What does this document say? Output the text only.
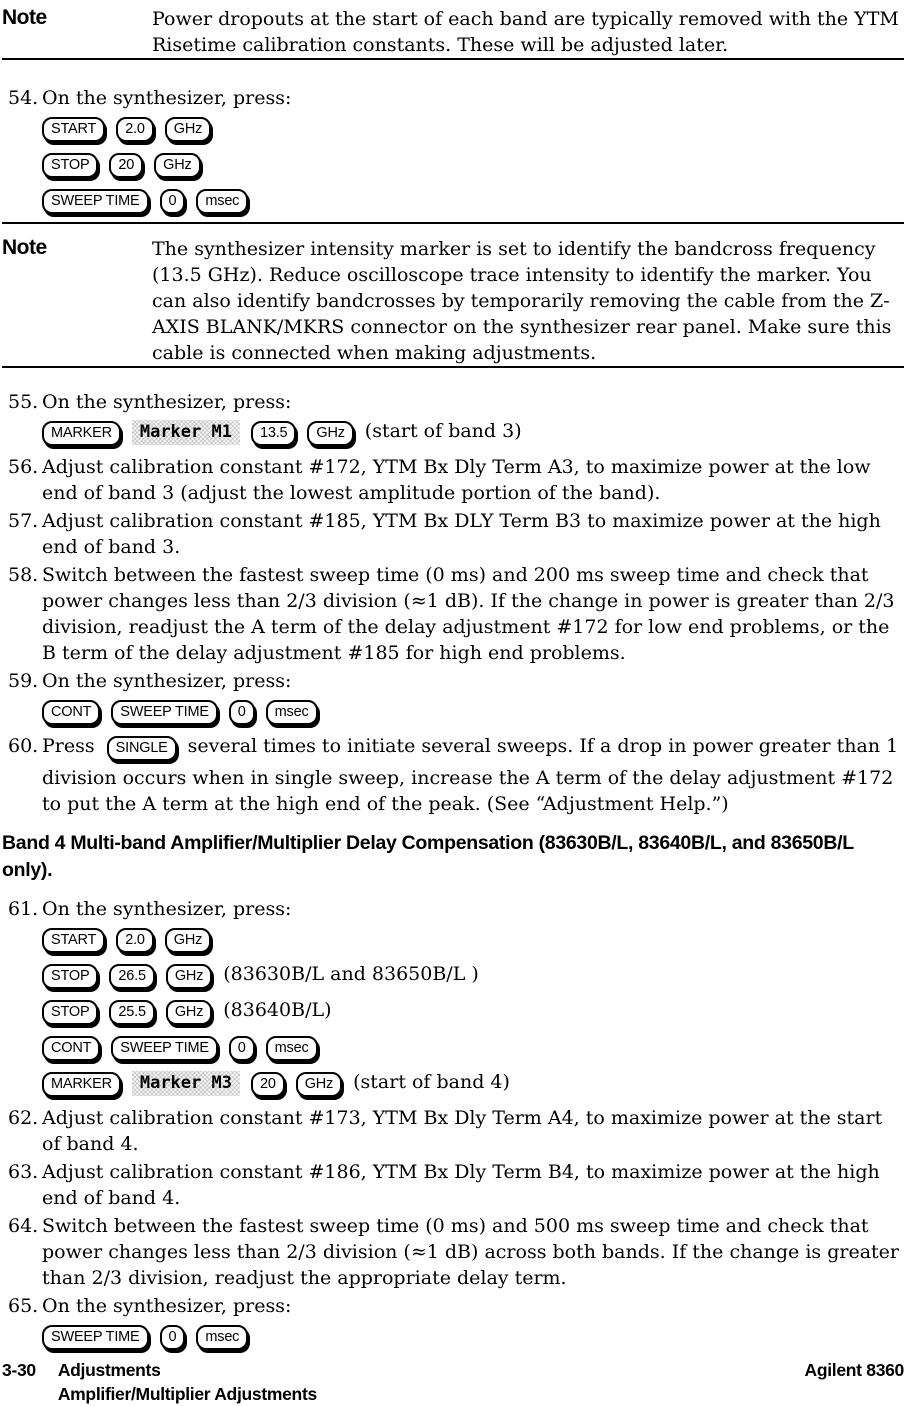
Note	Power dropouts at the start of each band are typically removed with the YTM Risetime calibration constants. These will be adjusted later.
54. On the synthesizer, press:
START 2.0 GHz
STOP 20 GHz
SWEEP TIME 0 msec
Note	The synthesizer intensity marker is set to identify the bandcross frequency (13.5 GHz). Reduce oscilloscope trace intensity to identify the marker. You can also identify bandcrosses by temporarily removing the cable from the Z-AXIS BLANK/MKRS connector on the synthesizer rear panel. Make sure this cable is connected when making adjustments.
55. On the synthesizer, press:
MARKER Marker M1 13.5 GHz (start of band 3)
56. Adjust calibration constant #172, YTM Bx Dly Term A3, to maximize power at the low end of band 3 (adjust the lowest amplitude portion of the band).
57. Adjust calibration constant #185, YTM Bx DLY Term B3 to maximize power at the high end of band 3.
58. Switch between the fastest sweep time (0 ms) and 200 ms sweep time and check that power changes less than 2/3 division (≈1 dB). If the change in power is greater than 2/3 division, readjust the A term of the delay adjustment #172 for low end problems, or the B term of the delay adjustment #185 for high end problems.
59. On the synthesizer, press:
CONT SWEEP TIME 0 msec
60. Press SINGLE several times to initiate several sweeps. If a drop in power greater than 1 division occurs when in single sweep, increase the A term of the delay adjustment #172 to put the A term at the high end of the peak. (See “Adjustment Help.”)
Band 4 Multi-band Amplifier/Multiplier Delay Compensation (83630B/L, 83640B/L, and 83650B/L only).
61. On the synthesizer, press:
START 2.0 GHz
STOP 26.5 GHz (83630B/L and 83650B/L )
STOP 25.5 GHz (83640B/L)
CONT SWEEP TIME 0 msec
MARKER Marker M3 20 GHz (start of band 4)
62. Adjust calibration constant #173, YTM Bx Dly Term A4, to maximize power at the start of band 4.
63. Adjust calibration constant #186, YTM Bx Dly Term B4, to maximize power at the high end of band 4.
64. Switch between the fastest sweep time (0 ms) and 500 ms sweep time and check that power changes less than 2/3 division (≈1 dB) across both bands. If the change is greater than 2/3 division, readjust the appropriate delay term.
65. On the synthesizer, press:
SWEEP TIME 0 msec
3-30 Adjustments
Amplifier/Multiplier Adjustments
Agilent 8360
